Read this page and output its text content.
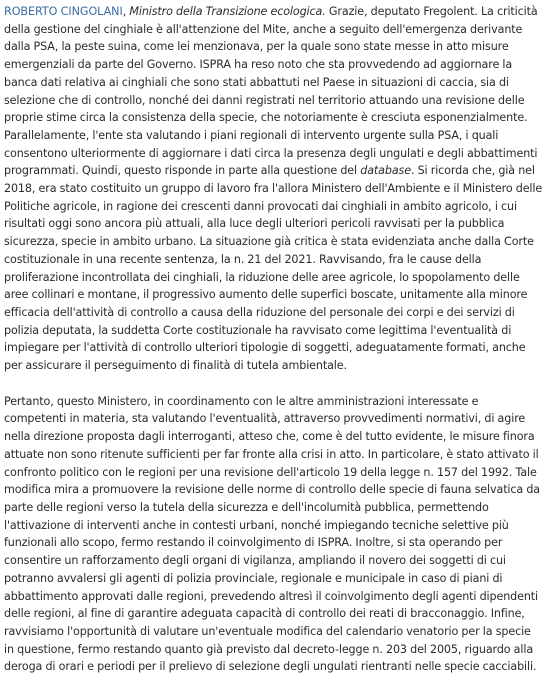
ROBERTO CINGOLANI, Ministro della Transizione ecologica. Grazie, deputato Fregolent. La criticità della gestione del cinghiale è all'attenzione del Mite, anche a seguito dell'emergenza derivante dalla PSA, la peste suina, come lei menzionava, per la quale sono state messe in atto misure emergenziali da parte del Governo. ISPRA ha reso noto che sta provvedendo ad aggiornare la banca dati relativa ai cinghiali che sono stati abbattuti nel Paese in situazioni di caccia, sia di selezione che di controllo, nonché dei danni registrati nel territorio attuando una revisione delle proprie stime circa la consistenza della specie, che notoriamente è cresciuta esponenzialmente. Parallelamente, l'ente sta valutando i piani regionali di intervento urgente sulla PSA, i quali consentono ulteriormente di aggiornare i dati circa la presenza degli ungulati e degli abbattimenti programmati. Quindi, questo risponde in parte alla questione del database. Si ricorda che, già nel 2018, era stato costituito un gruppo di lavoro fra l'allora Ministero dell'Ambiente e il Ministero delle Politiche agricole, in ragione dei crescenti danni provocati dai cinghiali in ambito agricolo, i cui risultati oggi sono ancora più attuali, alla luce degli ulteriori pericoli ravvisati per la pubblica sicurezza, specie in ambito urbano. La situazione già critica è stata evidenziata anche dalla Corte costituzionale in una recente sentenza, la n. 21 del 2021. Ravvisando, fra le cause della proliferazione incontrollata dei cinghiali, la riduzione delle aree agricole, lo spopolamento delle aree collinari e montane, il progressivo aumento delle superfici boscate, unitamente alla minore efficacia dell'attività di controllo a causa della riduzione del personale dei corpi e dei servizi di polizia deputata, la suddetta Corte costituzionale ha ravvisato come legittima l'eventualità di impiegare per l'attività di controllo ulteriori tipologie di soggetti, adeguatamente formati, anche per assicurare il perseguimento di finalità di tutela ambientale.

Pertanto, questo Ministero, in coordinamento con le altre amministrazioni interessate e competenti in materia, sta valutando l'eventualità, attraverso provvedimenti normativi, di agire nella direzione proposta dagli interroganti, atteso che, come è del tutto evidente, le misure finora attuate non sono ritenute sufficienti per far fronte alla crisi in atto. In particolare, è stato attivato il confronto politico con le regioni per una revisione dell'articolo 19 della legge n. 157 del 1992. Tale modifica mira a promuovere la revisione delle norme di controllo delle specie di fauna selvatica da parte delle regioni verso la tutela della sicurezza e dell'incolumità pubblica, permettendo l'attivazione di interventi anche in contesti urbani, nonché impiegando tecniche selettive più funzionali allo scopo, fermo restando il coinvolgimento di ISPRA. Inoltre, si sta operando per consentire un rafforzamento degli organi di vigilanza, ampliando il novero dei soggetti di cui potranno avvalersi gli agenti di polizia provinciale, regionale e municipale in caso di piani di abbattimento approvati dalle regioni, prevedendo altresì il coinvolgimento degli agenti dipendenti delle regioni, al fine di garantire adeguata capacità di controllo dei reati di bracconaggio. Infine, ravvisiamo l'opportunità di valutare un'eventuale modifica del calendario venatorio per la specie in questione, fermo restando quanto già previsto dal decreto-legge n. 203 del 2005, riguardo alla deroga di orari e periodi per il prelievo di selezione degli ungulati rientranti nelle specie cacciabili.
